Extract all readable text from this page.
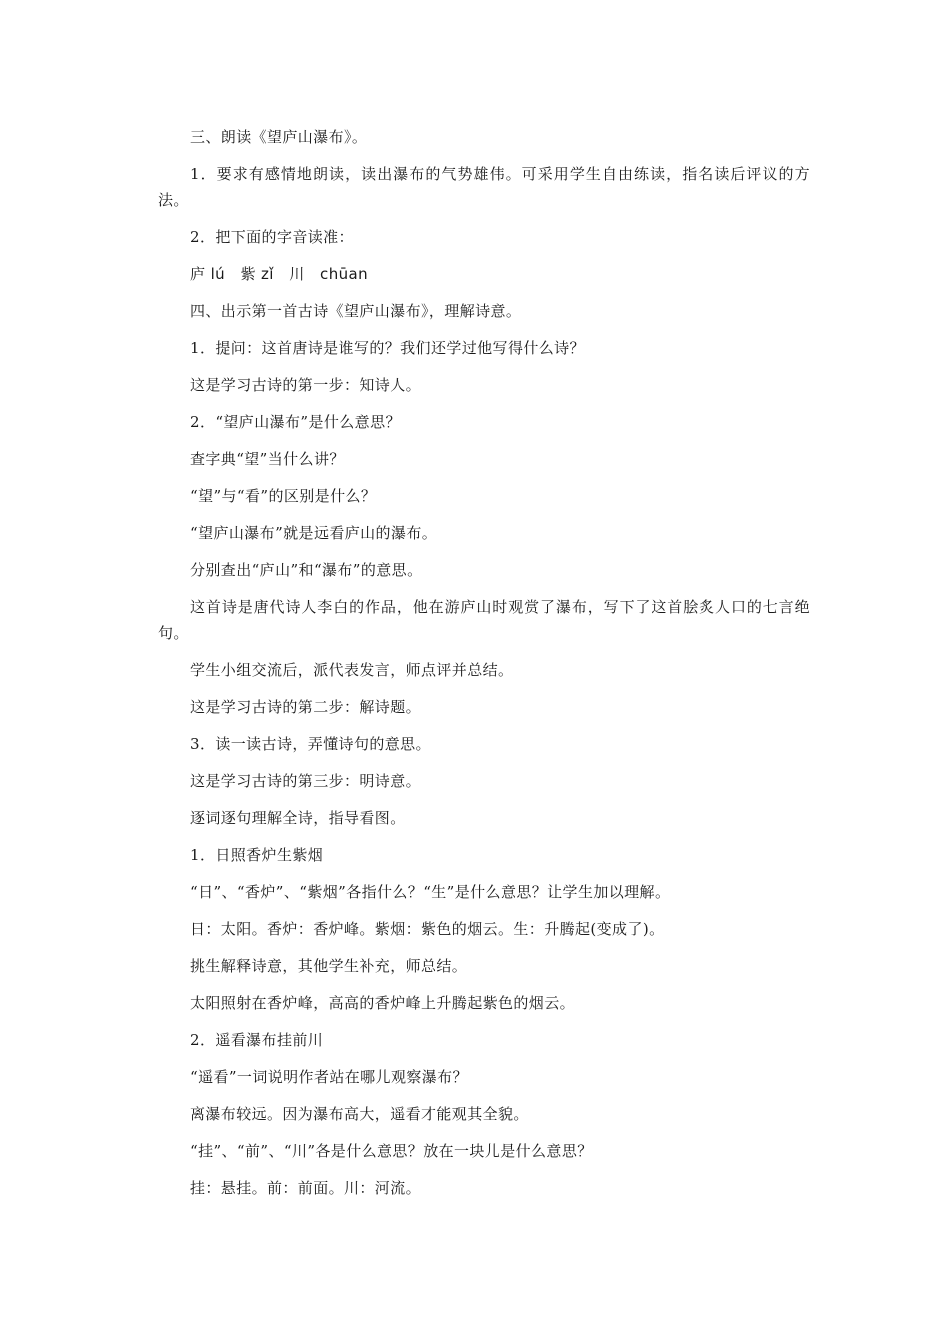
三、朗读《望庐山瀑布》。

1．要求有感情地朗读，读出瀑布的气势雄伟。可采用学生自由练读，指名读后评议的方法。

2．把下面的字音读准：

庐 lú　紫 zǐ　川　chūan

四、出示第一首古诗《望庐山瀑布》，理解诗意。

1．提问：这首唐诗是谁写的？我们还学过他写得什么诗？

这是学习古诗的第一步：知诗人。

2．“望庐山瀑布”是什么意思？

查字典“望”当什么讲？

“望”与“看”的区别是什么？

“望庐山瀑布”就是远看庐山的瀑布。

分别查出“庐山”和“瀑布”的意思。

这首诗是唐代诗人李白的作品，他在游庐山时观赏了瀑布，写下了这首脍炙人口的七言绝句。

学生小组交流后，派代表发言，师点评并总结。

这是学习古诗的第二步：解诗题。

3．读一读古诗，弄懂诗句的意思。

这是学习古诗的第三步：明诗意。

逐词逐句理解全诗，指导看图。

1．日照香炉生紫烟

“日”、“香炉”、“紫烟”各指什么？“生”是什么意思？让学生加以理解。

日：太阳。香炉：香炉峰。紫烟：紫色的烟云。生：升腾起(变成了)。

挑生解释诗意，其他学生补充，师总结。

太阳照射在香炉峰，高高的香炉峰上升腾起紫色的烟云。

2．遥看瀑布挂前川

“遥看”一词说明作者站在哪儿观察瀑布？

离瀑布较远。因为瀑布高大，遥看才能观其全貌。

“挂”、“前”、“川”各是什么意思？放在一块儿是什么意思？

挂：悬挂。前：前面。川：河流。
